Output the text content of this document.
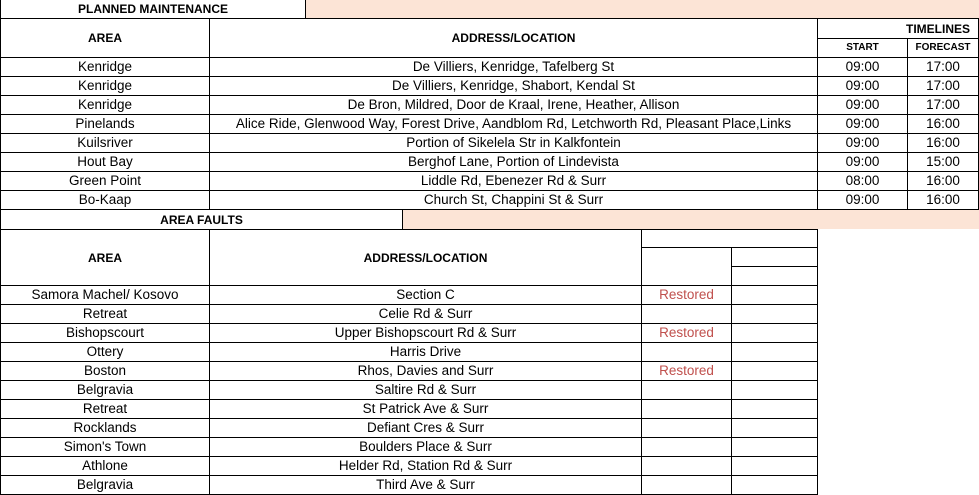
PLANNED MAINTENANCE
AREA	ADDRESS/LOCATION
TIMELINES
START	FORECAST
Kenridge	De Villiers, Kenridge, Tafelberg St	09:00	17:00
Kenridge	De Villiers, Kenridge, Shabort, Kendal St	09:00	17:00
Kenridge	De Bron, Mildred, Door de Kraal, Irene, Heather, Allison	09:00	17:00
Pinelands	Alice Ride, Glenwood Way, Forest Drive, Aandblom Rd, Letchworth Rd, Pleasant Place,Links	09:00	16:00
Kuilsriver	Portion of Sikelela Str in Kalkfontein	09:00	16:00
Hout Bay	Berghof Lane, Portion of Lindevista	09:00	15:00
Green Point	Liddle Rd, Ebenezer Rd & Surr	08:00	16:00
Bo-Kaap	Church St, Chappini St & Surr	09:00	16:00
AREA FAULTS
AREA	ADDRESS/LOCATION
Samora Machel/ Kosovo	Section C	Restored
Retreat	Celie Rd & Surr
Bishopscourt	Upper Bishopscourt Rd & Surr	Restored
Ottery	Harris Drive
Boston	Rhos, Davies and Surr	Restored
Belgravia	Saltire Rd & Surr
Retreat	St Patrick Ave & Surr
Rocklands	Defiant Cres & Surr
Simon's Town	Boulders Place & Surr
Athlone	Helder Rd, Station Rd & Surr
Belgravia	Third Ave & Surr
